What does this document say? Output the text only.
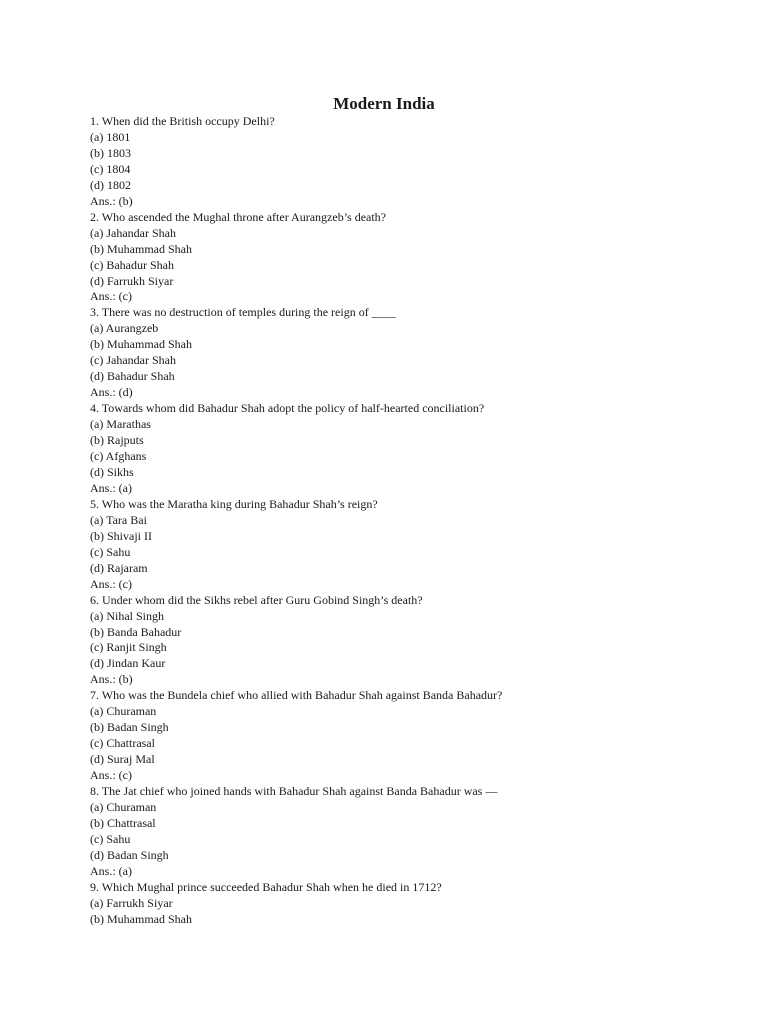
Modern India
1. When did the British occupy Delhi?
(a) 1801
(b) 1803
(c) 1804
(d) 1802
Ans.: (b)
2. Who ascended the Mughal throne after Aurangzeb’s death?
(a) Jahandar Shah
(b) Muhammad Shah
(c) Bahadur Shah
(d) Farrukh Siyar
Ans.: (c)
3. There was no destruction of temples during the reign of ____
(a) Aurangzeb
(b) Muhammad Shah
(c) Jahandar Shah
(d) Bahadur Shah
Ans.: (d)
4. Towards whom did Bahadur Shah adopt the policy of half-hearted conciliation?
(a) Marathas
(b) Rajputs
(c) Afghans
(d) Sikhs
Ans.: (a)
5. Who was the Maratha king during Bahadur Shah’s reign?
(a) Tara Bai
(b) Shivaji II
(c) Sahu
(d) Rajaram
Ans.: (c)
6. Under whom did the Sikhs rebel after Guru Gobind Singh’s death?
(a) Nihal Singh
(b) Banda Bahadur
(c) Ranjit Singh
(d) Jindan Kaur
Ans.: (b)
7. Who was the Bundela chief who allied with Bahadur Shah against Banda Bahadur?
(a) Churaman
(b) Badan Singh
(c) Chattrasal
(d) Suraj Mal
Ans.: (c)
8. The Jat chief who joined hands with Bahadur Shah against Banda Bahadur was —
(a) Churaman
(b) Chattrasal
(c) Sahu
(d) Badan Singh
Ans.: (a)
9. Which Mughal prince succeeded Bahadur Shah when he died in 1712?
(a) Farrukh Siyar
(b) Muhammad Shah
